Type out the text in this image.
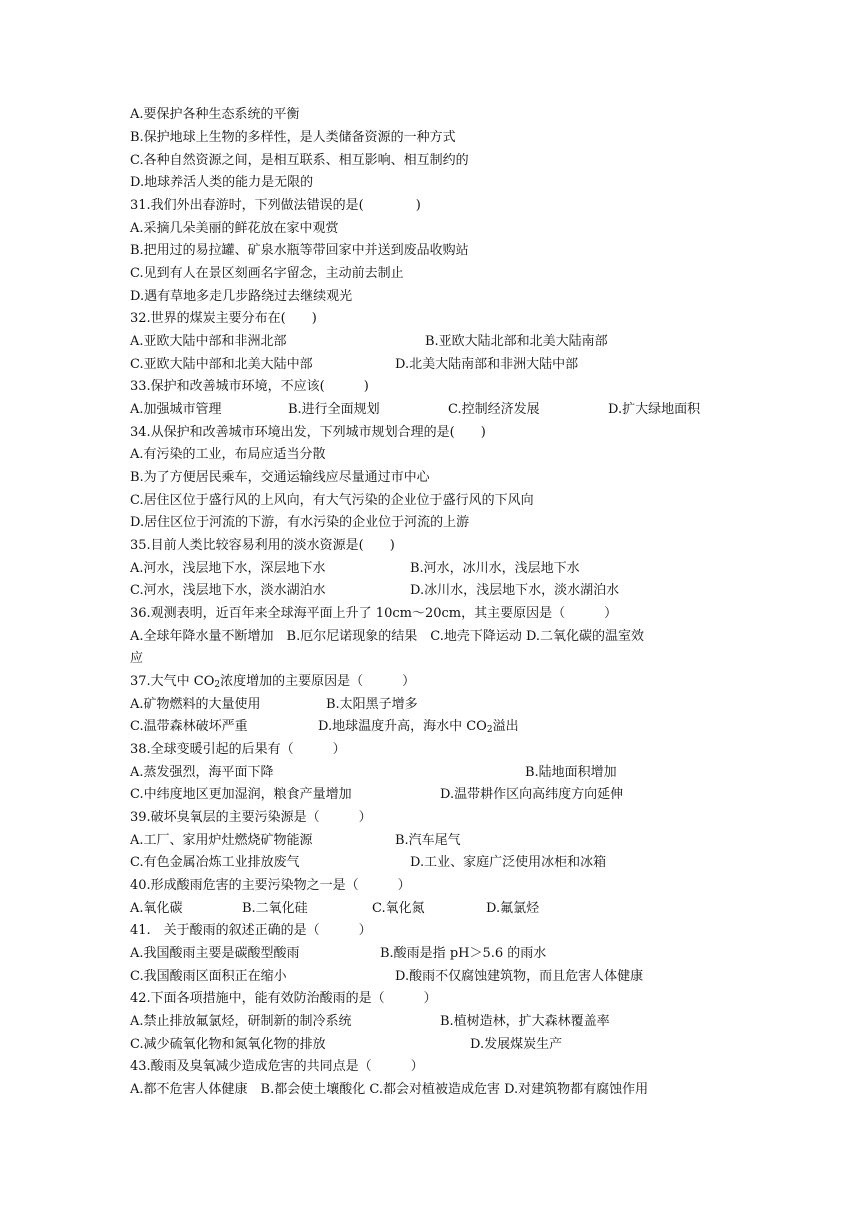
A.要保护各种生态系统的平衡
B.保护地球上生物的多样性，是人类储备资源的一种方式
C.各种自然资源之间，是相互联系、相互影响、相互制约的
D.地球养活人类的能力是无限的
31.我们外出春游时，下列做法错误的是(　　　　)
A.采摘几朵美丽的鲜花放在家中观赏
B.把用过的易拉罐、矿泉水瓶等带回家中并送到废品收购站
C.见到有人在景区刻画名字留念，主动前去制止
D.遇有草地多走几步路绕过去继续观光
32.世界的煤炭主要分布在(　　)

A.亚欧大陆中部和非洲北部

	B.亚欧大陆北部和北美大陆南部

C.亚欧大陆中部和北美大陆中部

	D.北美大陆南部和非洲大陆中部

33.保护和改善城市环境，不应该(　　　)

A.加强城市管理

	B.进行全面规划

	C.控制经济发展

	D.扩大绿地面积

34.从保护和改善城市环境出发，下列城市规划合理的是(　　)
A.有污染的工业，布局应适当分散
B.为了方便居民乘车，交通运输线应尽量通过市中心
C.居住区位于盛行风的上风向，有大气污染的企业位于盛行风的下风向
D.居住区位于河流的下游，有水污染的企业位于河流的上游
35.目前人类比较容易利用的淡水资源是(　　)

A.河水，浅层地下水，深层地下水

	B.河水，冰川水，浅层地下水

C.河水，浅层地下水，淡水湖泊水

	D.冰川水，浅层地下水，淡水湖泊水

36.观测表明，近百年来全球海平面上升了 10cm～20cm，其主要原因是（　　　）
A.全球年降水量不断增加　B.厄尔尼诺现象的结果　C.地壳下降运动 D.二氧化碳的温室效
应
37.大气中 $CO_2$浓度增加的主要原因是（　　　）

A.矿物燃料的大量使用

	B.太阳黑子增多

C.温带森林破坏严重

	D.地球温度升高，海水中 $CO_2$溢出

38.全球变暖引起的后果有（　　　）

A.蒸发强烈，海平面下降

	B.陆地面积增加

C.中纬度地区更加湿润，粮食产量增加

	D.温带耕作区向高纬度方向延伸

39.破坏臭氧层的主要污染源是（　　　）

A.工厂、家用炉灶燃烧矿物能源

	B.汽车尾气

C.有色金属冶炼工业排放废气

	D.工业、家庭广泛使用冰柜和冰箱

40.形成酸雨危害的主要污染物之一是（　　　）

A.氧化碳

	B.二氧化硅

	C.氧化氮

	D.氟氯烃

41.　关于酸雨的叙述正确的是（　　　）

A.我国酸雨主要是碳酸型酸雨

	B.酸雨是指 pH＞5.6 的雨水

C.我国酸雨区面积正在缩小

	D.酸雨不仅腐蚀建筑物，而且危害人体健康

42.下面各项措施中，能有效防治酸雨的是（　　　）

A.禁止排放氟氯烃，研制新的制冷系统

	B.植树造林，扩大森林覆盖率

C.减少硫氧化物和氮氧化物的排放

	D.发展煤炭生产

43.酸雨及臭氧减少造成危害的共同点是（　　　）
A.都不危害人体健康　B.都会使土壤酸化 C.都会对植被造成危害 D.对建筑物都有腐蚀作用
